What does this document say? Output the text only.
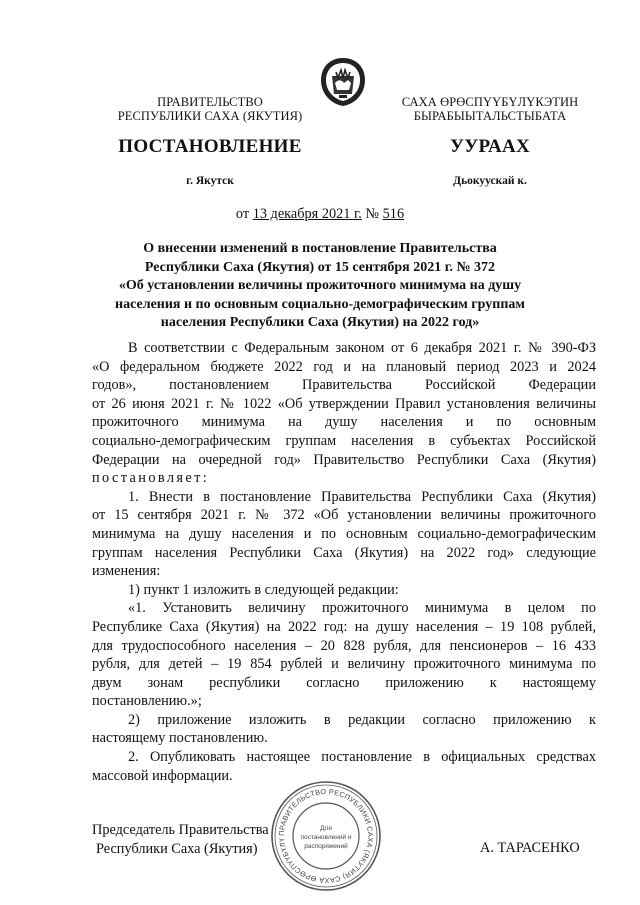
ПРАВИТЕЛЬСТВО
РЕСПУБЛИКИ САХА (ЯКУТИЯ)
САХА ӨРӨСПҮҮБҮЛҮКЭТИН
БЫРАБЫЫТАЛЬСТЫБАТА
ПОСТАНОВЛЕНИЕ	УУРААХ
г. Якутск	Дьокуускай к.
от 13 декабря 2021 г. № 516
О внесении изменений в постановление Правительства
Республики Саха (Якутия) от 15 сентября 2021 г. № 372
«Об установлении величины прожиточного минимума на душу
населения и по основным социально-демографическим группам
населения Республики Саха (Якутия) на 2022 год»
В соответствии с Федеральным законом от 6 декабря 2021 г. № 390-ФЗ
«О федеральном бюджете 2022 год и на плановый период 2023 и 2024
годов», постановлением Правительства Российской Федерации
от 26 июня 2021 г. № 1022 «Об утверждении Правил установления величины
прожиточного минимума на душу населения и по основным
социально-демографическим группам населения в субъектах Российской
Федерации на очередной год» Правительство Республики Саха (Якутия)
постановляет:
1. Внести в постановление Правительства Республики Саха (Якутия)
от 15 сентября 2021 г. № 372 «Об установлении величины прожиточного
минимума на душу населения и по основным социально-демографическим
группам населения Республики Саха (Якутия) на 2022 год» следующие
изменения:
1) пункт 1 изложить в следующей редакции:
«1. Установить величину прожиточного минимума в целом по
Республике Саха (Якутия) на 2022 год: на душу населения – 19 108 рублей,
для трудоспособного населения – 20 828 рубля, для пенсионеров – 16 433
рубля, для детей – 19 854 рублей и величину прожиточного минимума по
двум зонам республики согласно приложению к настоящему
постановлению.»;
2) приложение изложить в редакции согласно приложению к
настоящему постановлению.
2. Опубликовать настоящее постановление в официальных средствах
массовой информации.
Председатель Правительства
Республики Саха (Якутия)	А. ТАРАСЕНКО
ПРАВИТЕЛЬСТВО РЕСПУБЛИКИ САХА (ЯКУТИЯ) САХА ӨРӨСПҮҮБҮЛҮ
Для
постановлений и
распоряжений
